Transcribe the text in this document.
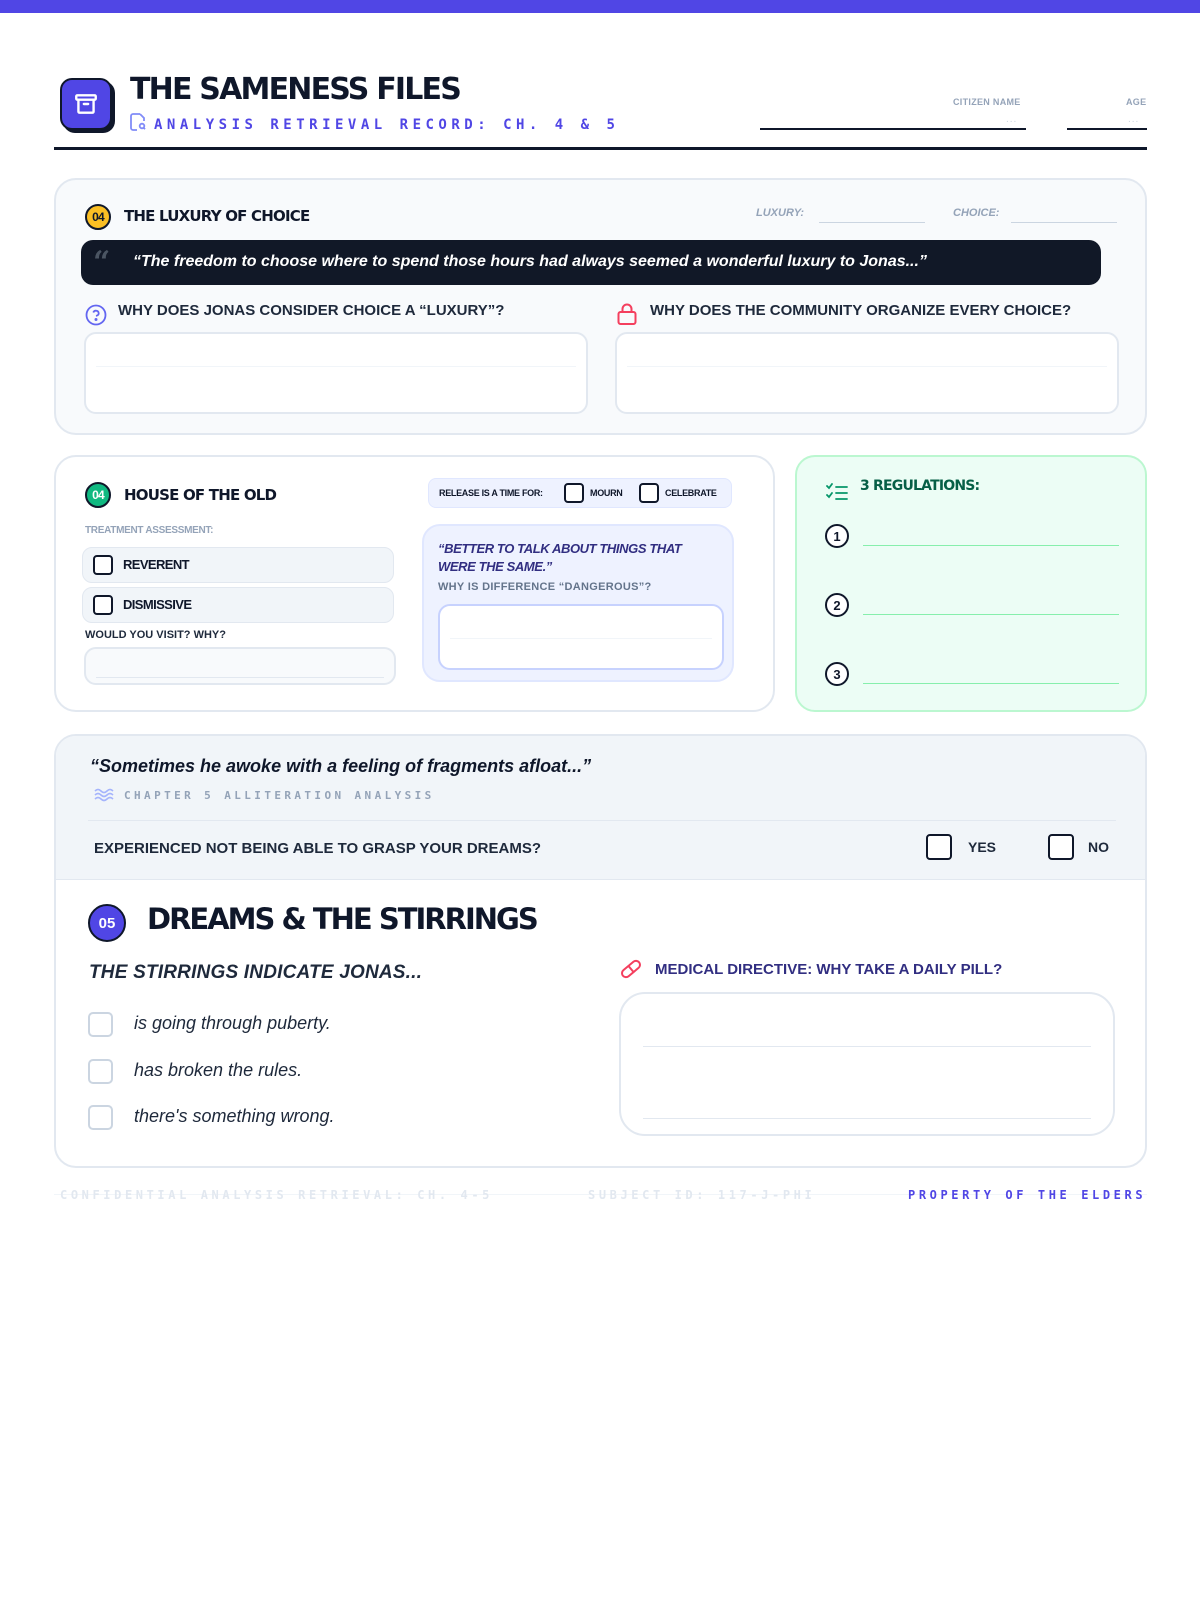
THE SAMENESS FILES
ANALYSIS RETRIEVAL RECORD: CH. 4 & 5
CITIZEN NAME
...
AGE
...
04	THE LUXURY OF CHOICE	LUXURY:	CHOICE:
“ “The freedom to choose where to spend those hours had always seemed a wonderful luxury to Jonas...”
WHY DOES JONAS CONSIDER CHOICE A “LUXURY”?	WHY DOES THE COMMUNITY ORGANIZE EVERY CHOICE?
04	HOUSE OF THE OLD	RELEASE IS A TIME FOR:	MOURN	CELEBRATE
TREATMENT ASSESSMENT:
REVERENT
DISMISSIVE
WOULD YOU VISIT? WHY?
“BETTER TO TALK ABOUT THINGS THAT WERE THE SAME.”
WHY IS DIFFERENCE “DANGEROUS”?
3 REGULATIONS:
1
2
3
“Sometimes he awoke with a feeling of fragments afloat...”
CHAPTER 5 ALLITERATION ANALYSIS
EXPERIENCED NOT BEING ABLE TO GRASP YOUR DREAMS?	YES	NO
05	DREAMS & THE STIRRINGS
THE STIRRINGS INDICATE JONAS...
is going through puberty.
has broken the rules.
there's something wrong.
MEDICAL DIRECTIVE: WHY TAKE A DAILY PILL?
CONFIDENTIAL ANALYSIS RETRIEVAL: CH. 4-5	SUBJECT ID: 117-J-PHI	PROPERTY OF THE ELDERS
